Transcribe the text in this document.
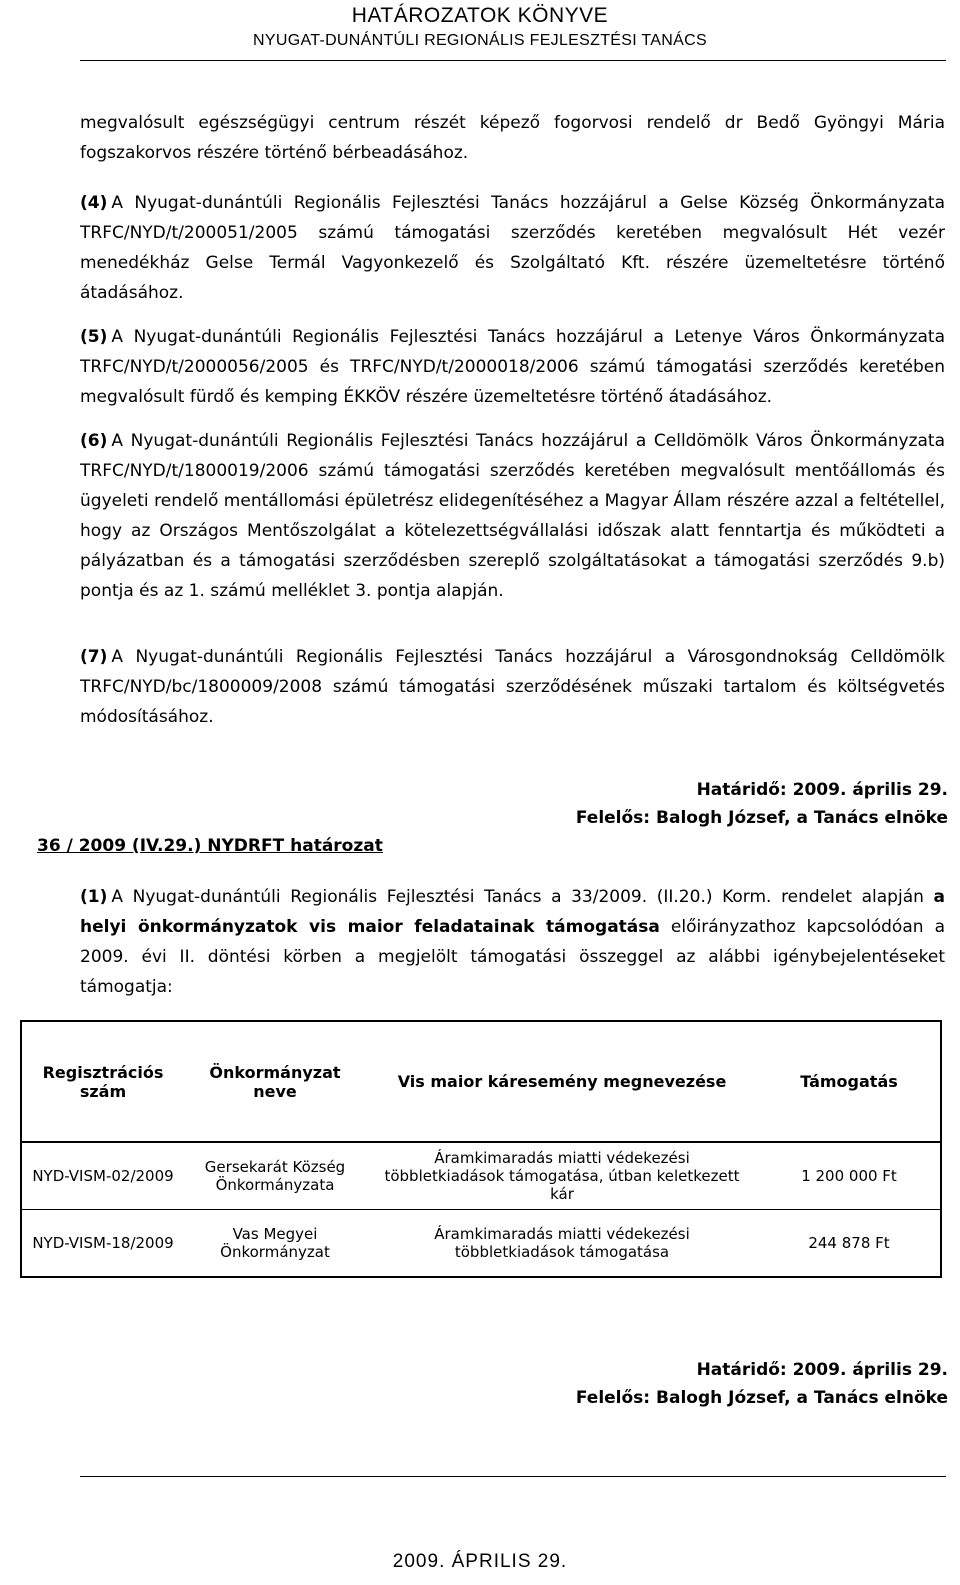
HATÁROZATOK KÖNYVE
NYUGAT-DUNÁNTÚLI REGIONÁLIS FEJLESZTÉSI TANÁCS
megvalósult egészségügyi centrum részét képező fogorvosi rendelő dr Bedő Gyöngyi Mária fogszakorvos részére történő bérbeadásához.
(4) A Nyugat-dunántúli Regionális Fejlesztési Tanács hozzájárul a Gelse Község Önkormányzata TRFC/NYD/t/200051/2005 számú támogatási szerződés keretében megvalósult Hét vezér menedékház Gelse Termál Vagyonkezelő és Szolgáltató Kft. részére üzemeltetésre történő átadásához.
(5) A Nyugat-dunántúli Regionális Fejlesztési Tanács hozzájárul a Letenye Város Önkormányzata TRFC/NYD/t/2000056/2005 és TRFC/NYD/t/2000018/2006 számú támogatási szerződés keretében megvalósult fürdő és kemping ÉKKÖV részére üzemeltetésre történő átadásához.
(6) A Nyugat-dunántúli Regionális Fejlesztési Tanács hozzájárul a Celldömölk Város Önkormányzata TRFC/NYD/t/1800019/2006 számú támogatási szerződés keretében megvalósult mentőállomás és ügyeleti rendelő mentállomási épületrész elidegenítéséhez a Magyar Állam részére azzal a feltétellel, hogy az Országos Mentőszolgálat a kötelezettségvállalási időszak alatt fenntartja és működteti a pályázatban és a támogatási szerződésben szereplő szolgáltatásokat a támogatási szerződés 9.b) pontja és az 1. számú melléklet 3. pontja alapján.
(7) A Nyugat-dunántúli Regionális Fejlesztési Tanács hozzájárul a Városgondnokság Celldömölk TRFC/NYD/bc/1800009/2008 számú támogatási szerződésének műszaki tartalom és költségvetés módosításához.
Határidő: 2009. április 29.
Felelős: Balogh József, a Tanács elnöke
36 / 2009 (IV.29.) NYDRFT határozat
(1) A Nyugat-dunántúli Regionális Fejlesztési Tanács a 33/2009. (II.20.) Korm. rendelet alapján a helyi önkormányzatok vis maior feladatainak támogatása előirányzathoz kapcsolódóan a 2009. évi II. döntési körben a megjelölt támogatási összeggel az alábbi igénybejelentéseket támogatja:
Regisztrációs szám	Önkormányzat neve	Vis maior káresemény megnevezése	Támogatás
NYD-VISM-02/2009	Gersekarát Község Önkormányzata	Áramkimaradás miatti védekezési többletkiadások támogatása, útban keletkezett kár	1 200 000 Ft
NYD-VISM-18/2009	Vas Megyei Önkormányzat	Áramkimaradás miatti védekezési többletkiadások támogatása	244 878 Ft
Határidő: 2009. április 29.
Felelős: Balogh József, a Tanács elnöke
2009. ÁPRILIS 29.
